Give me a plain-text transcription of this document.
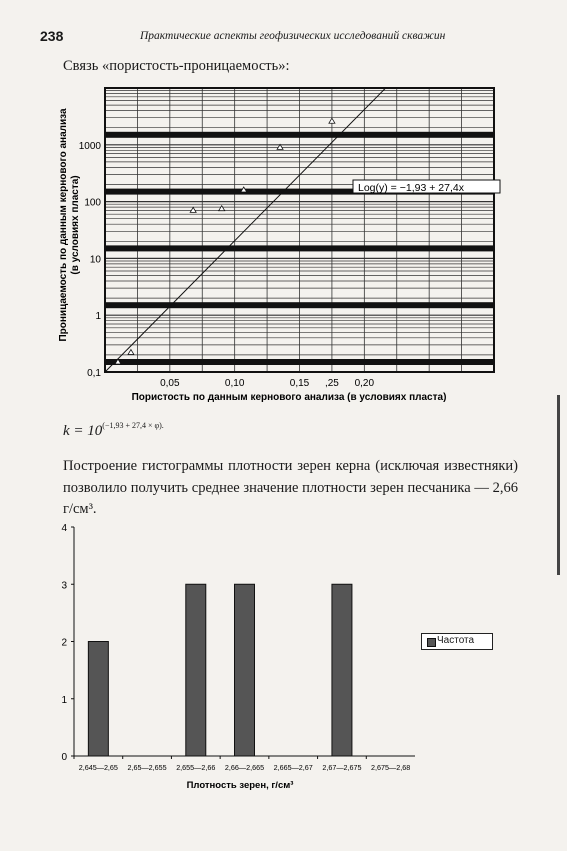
238	Практические аспекты геофизических исследований скважин
Связь «пористость-проницаемость»:
0,05	0,10	0,15 ,25 0,20
0,1
1
10
100
1000
Пористость по данным кернового анализа (в условиях пласта)
Проницаемость по данным кернового анализа (в условиях пласта)	Log(y) = −1,93 + 27,4x
$k = 10^{(-1,93 + 27,4 \times \varphi).}$
Построение гистограммы плотности зерен керна (исключая известняки) позволило получить среднее значение плотности зерен песчаника — 2,66 г/см³.
0
1
2
3
4
2,645—2,65 2,65—2,655 2,655—2,66 2,66—2,665 2,665—2,67 2,67—2,675 2,675—2,68
Плотность зерен, г/см³
Частота
